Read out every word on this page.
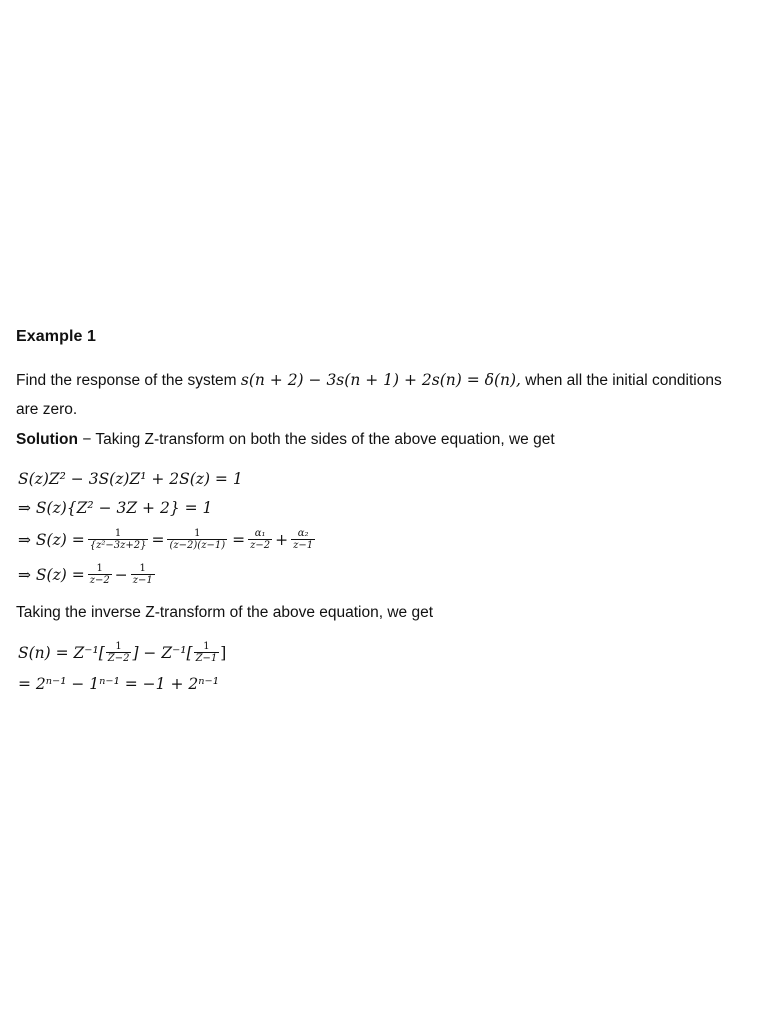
Example 1
Find the response of the system s(n + 2) − 3s(n + 1) + 2s(n) = δ(n), when all the initial conditions
are zero.
Solution − Taking Z-transform on both the sides of the above equation, we get
S(z)Z² − 3S(z)Z¹ + 2S(z) = 1
⇒ S(z){Z² − 3Z + 2} = 1
⇒ $S(z) = \frac{1}{\text{\{z²−3z+2\}}} = \frac{1}{(z-2)(z-1)} = \frac{\text{α₁}}{z-2} + \frac{\text{α₂}}{z-1}$
⇒ $S(z) = \frac{1}{z-2} - \frac{1}{z-1}$
Taking the inverse Z-transform of the above equation, we get
$S(n) = Z^{-1}[ \frac{1}{Z-2}$ ] − $Z^{-1}[ \frac{1}{Z-1}$ ]
= 2ⁿ⁻¹ − 1ⁿ⁻¹ = −1 + 2ⁿ⁻¹
